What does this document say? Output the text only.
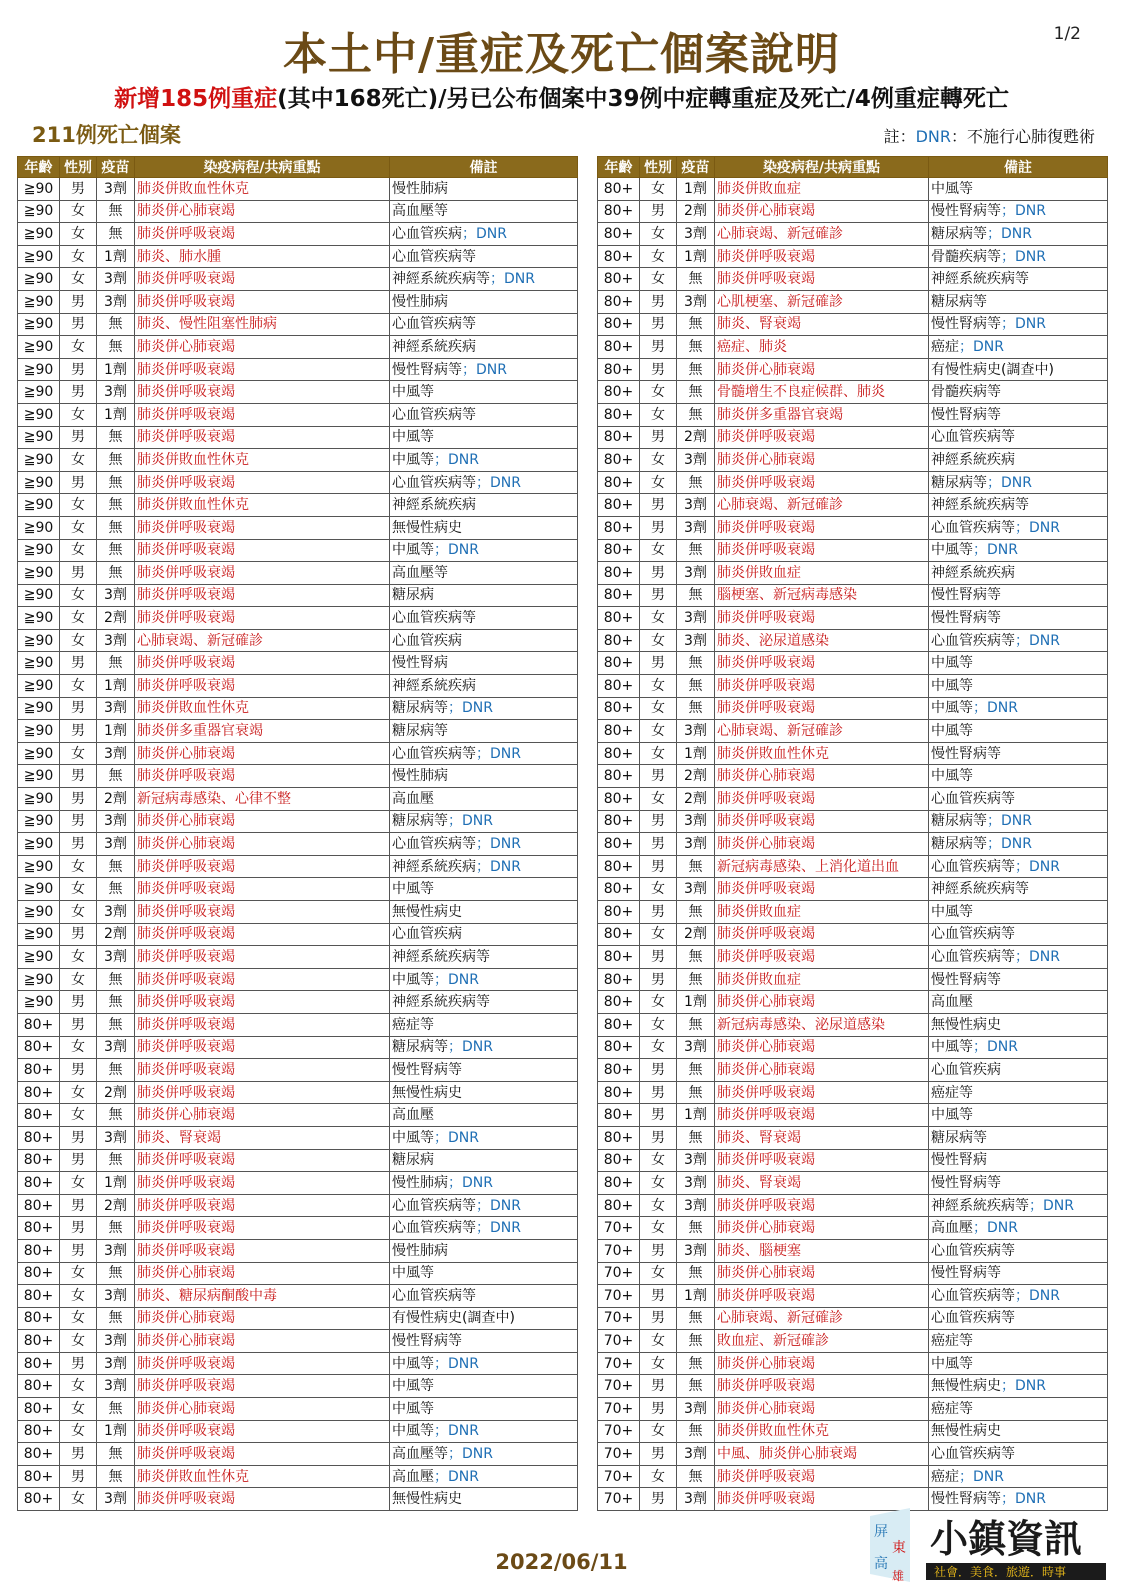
本土中/重症及死亡個案說明	1/2
新增185例重症(其中168死亡)/另已公布個案中39例中症轉重症及死亡/4例重症轉死亡
211例死亡個案	註：DNR：不施行心肺復甦術
年齡	性別	疫苗	染疫病程/共病重點	備註
≧90	男	3劑	肺炎併敗血性休克	慢性肺病
≧90	女	無	肺炎併心肺衰竭	高血壓等
≧90	女	無	肺炎併呼吸衰竭	心血管疾病；DNR
≧90	女	1劑	肺炎、肺水腫	心血管疾病等
≧90	女	3劑	肺炎併呼吸衰竭	神經系統疾病等；DNR
≧90	男	3劑	肺炎併呼吸衰竭	慢性肺病
≧90	男	無	肺炎、慢性阻塞性肺病	心血管疾病等
≧90	女	無	肺炎併心肺衰竭	神經系統疾病
≧90	男	1劑	肺炎併呼吸衰竭	慢性腎病等；DNR
≧90	男	3劑	肺炎併呼吸衰竭	中風等
≧90	女	1劑	肺炎併呼吸衰竭	心血管疾病等
≧90	男	無	肺炎併呼吸衰竭	中風等
≧90	女	無	肺炎併敗血性休克	中風等；DNR
≧90	男	無	肺炎併呼吸衰竭	心血管疾病等；DNR
≧90	女	無	肺炎併敗血性休克	神經系統疾病
≧90	女	無	肺炎併呼吸衰竭	無慢性病史
≧90	女	無	肺炎併呼吸衰竭	中風等；DNR
≧90	男	無	肺炎併呼吸衰竭	高血壓等
≧90	女	3劑	肺炎併呼吸衰竭	糖尿病
≧90	女	2劑	肺炎併呼吸衰竭	心血管疾病等
≧90	女	3劑	心肺衰竭、新冠確診	心血管疾病
≧90	男	無	肺炎併呼吸衰竭	慢性腎病
≧90	女	1劑	肺炎併呼吸衰竭	神經系統疾病
≧90	男	3劑	肺炎併敗血性休克	糖尿病等；DNR
≧90	男	1劑	肺炎併多重器官衰竭	糖尿病等
≧90	女	3劑	肺炎併心肺衰竭	心血管疾病等；DNR
≧90	男	無	肺炎併呼吸衰竭	慢性肺病
≧90	男	2劑	新冠病毒感染、心律不整	高血壓
≧90	男	3劑	肺炎併心肺衰竭	糖尿病等；DNR
≧90	男	3劑	肺炎併心肺衰竭	心血管疾病等；DNR
≧90	女	無	肺炎併呼吸衰竭	神經系統疾病；DNR
≧90	女	無	肺炎併呼吸衰竭	中風等
≧90	女	3劑	肺炎併呼吸衰竭	無慢性病史
≧90	男	2劑	肺炎併呼吸衰竭	心血管疾病
≧90	女	3劑	肺炎併呼吸衰竭	神經系統疾病等
≧90	女	無	肺炎併呼吸衰竭	中風等；DNR
≧90	男	無	肺炎併呼吸衰竭	神經系統疾病等
80+	男	無	肺炎併呼吸衰竭	癌症等
80+	女	3劑	肺炎併呼吸衰竭	糖尿病等；DNR
80+	男	無	肺炎併呼吸衰竭	慢性腎病等
80+	女	2劑	肺炎併呼吸衰竭	無慢性病史
80+	女	無	肺炎併心肺衰竭	高血壓
80+	男	3劑	肺炎、腎衰竭	中風等；DNR
80+	男	無	肺炎併呼吸衰竭	糖尿病
80+	女	1劑	肺炎併呼吸衰竭	慢性肺病；DNR
80+	男	2劑	肺炎併呼吸衰竭	心血管疾病等；DNR
80+	男	無	肺炎併呼吸衰竭	心血管疾病等；DNR
80+	男	3劑	肺炎併呼吸衰竭	慢性肺病
80+	女	無	肺炎併心肺衰竭	中風等
80+	女	3劑	肺炎、糖尿病酮酸中毒	心血管疾病等
80+	女	無	肺炎併心肺衰竭	有慢性病史(調查中)
80+	女	3劑	肺炎併心肺衰竭	慢性腎病等
80+	男	3劑	肺炎併呼吸衰竭	中風等；DNR
80+	女	3劑	肺炎併呼吸衰竭	中風等
80+	女	無	肺炎併心肺衰竭	中風等
80+	女	1劑	肺炎併呼吸衰竭	中風等；DNR
80+	男	無	肺炎併呼吸衰竭	高血壓等；DNR
80+	男	無	肺炎併敗血性休克	高血壓；DNR
80+	女	3劑	肺炎併呼吸衰竭	無慢性病史
年齡	性別	疫苗	染疫病程/共病重點	備註
80+	女	1劑	肺炎併敗血症	中風等
80+	男	2劑	肺炎併心肺衰竭	慢性腎病等；DNR
80+	女	3劑	心肺衰竭、新冠確診	糖尿病等；DNR
80+	女	1劑	肺炎併呼吸衰竭	骨髓疾病等；DNR
80+	女	無	肺炎併呼吸衰竭	神經系統疾病等
80+	男	3劑	心肌梗塞、新冠確診	糖尿病等
80+	男	無	肺炎、腎衰竭	慢性腎病等；DNR
80+	男	無	癌症、肺炎	癌症；DNR
80+	男	無	肺炎併心肺衰竭	有慢性病史(調查中)
80+	女	無	骨髓增生不良症候群、肺炎	骨髓疾病等
80+	女	無	肺炎併多重器官衰竭	慢性腎病等
80+	男	2劑	肺炎併呼吸衰竭	心血管疾病等
80+	女	3劑	肺炎併心肺衰竭	神經系統疾病
80+	女	無	肺炎併呼吸衰竭	糖尿病等；DNR
80+	男	3劑	心肺衰竭、新冠確診	神經系統疾病等
80+	男	3劑	肺炎併呼吸衰竭	心血管疾病等；DNR
80+	女	無	肺炎併呼吸衰竭	中風等；DNR
80+	男	3劑	肺炎併敗血症	神經系統疾病
80+	男	無	腦梗塞、新冠病毒感染	慢性腎病等
80+	女	3劑	肺炎併呼吸衰竭	慢性腎病等
80+	女	3劑	肺炎、泌尿道感染	心血管疾病等；DNR
80+	男	無	肺炎併呼吸衰竭	中風等
80+	女	無	肺炎併呼吸衰竭	中風等
80+	女	無	肺炎併呼吸衰竭	中風等；DNR
80+	女	3劑	心肺衰竭、新冠確診	中風等
80+	女	1劑	肺炎併敗血性休克	慢性腎病等
80+	男	2劑	肺炎併心肺衰竭	中風等
80+	女	2劑	肺炎併呼吸衰竭	心血管疾病等
80+	男	3劑	肺炎併呼吸衰竭	糖尿病等；DNR
80+	男	3劑	肺炎併心肺衰竭	糖尿病等；DNR
80+	男	無	新冠病毒感染、上消化道出血	心血管疾病等；DNR
80+	女	3劑	肺炎併呼吸衰竭	神經系統疾病等
80+	男	無	肺炎併敗血症	中風等
80+	女	2劑	肺炎併呼吸衰竭	心血管疾病等
80+	男	無	肺炎併呼吸衰竭	心血管疾病等；DNR
80+	男	無	肺炎併敗血症	慢性腎病等
80+	女	1劑	肺炎併心肺衰竭	高血壓
80+	女	無	新冠病毒感染、泌尿道感染	無慢性病史
80+	女	3劑	肺炎併心肺衰竭	中風等；DNR
80+	男	無	肺炎併心肺衰竭	心血管疾病
80+	男	無	肺炎併呼吸衰竭	癌症等
80+	男	1劑	肺炎併呼吸衰竭	中風等
80+	男	無	肺炎、腎衰竭	糖尿病等
80+	女	3劑	肺炎併呼吸衰竭	慢性腎病
80+	女	3劑	肺炎、腎衰竭	慢性腎病等
80+	女	3劑	肺炎併呼吸衰竭	神經系統疾病等；DNR
70+	女	無	肺炎併心肺衰竭	高血壓；DNR
70+	男	3劑	肺炎、腦梗塞	心血管疾病等
70+	女	無	肺炎併心肺衰竭	慢性腎病等
70+	男	1劑	肺炎併呼吸衰竭	心血管疾病等；DNR
70+	男	無	心肺衰竭、新冠確診	心血管疾病等
70+	女	無	敗血症、新冠確診	癌症等
70+	女	無	肺炎併心肺衰竭	中風等
70+	男	無	肺炎併呼吸衰竭	無慢性病史；DNR
70+	男	3劑	肺炎併心肺衰竭	癌症等
70+	女	無	肺炎併敗血性休克	無慢性病史
70+	男	3劑	中風、肺炎併心肺衰竭	心血管疾病等
70+	女	無	肺炎併呼吸衰竭	癌症；DNR
70+	男	3劑	肺炎併呼吸衰竭	慢性腎病等；DNR
2022/06/11
屏
東
高
雄
小鎮資訊
社會．美食．旅遊．時事
